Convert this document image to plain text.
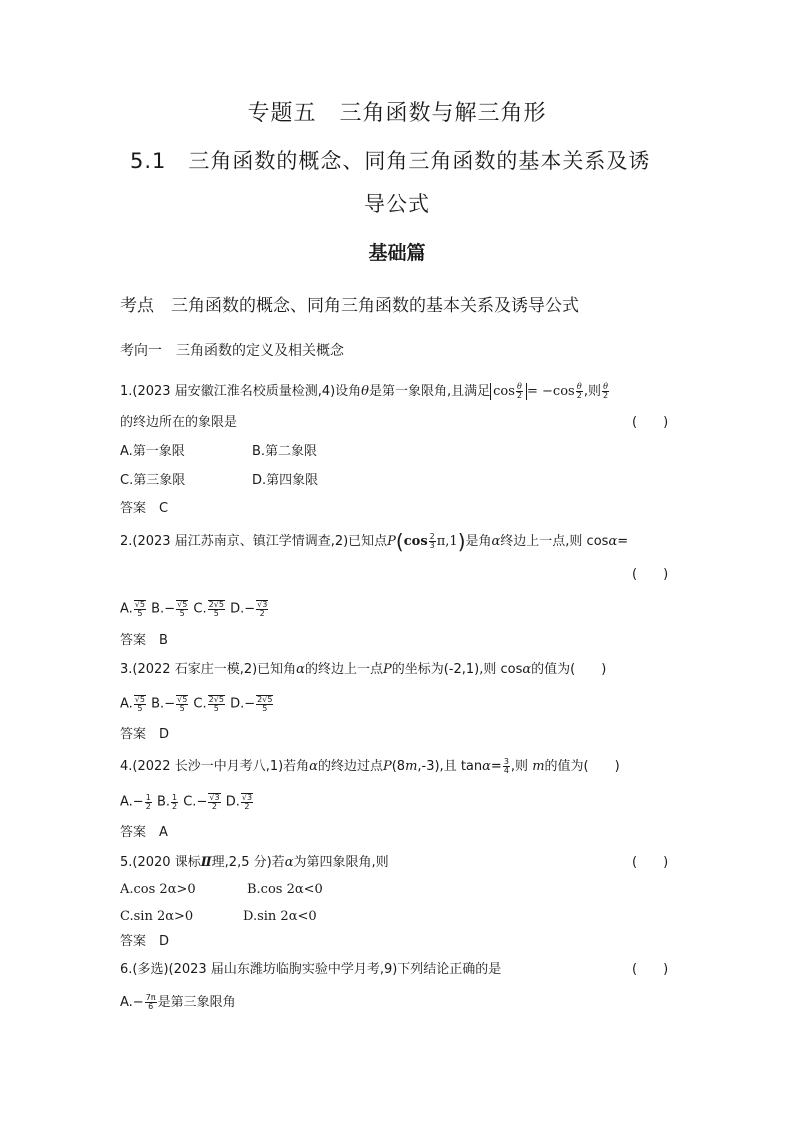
专题五　三角函数与解三角形
5.1　三角函数的概念、同角三角函数的基本关系及诱
导公式
基础篇
考点　三角函数的概念、同角三角函数的基本关系及诱导公式
考向一　三角函数的定义及相关概念
1.(2023 届安徽江淮名校质量检测,4)设角θ是第一象限角,且满足 $\cos \frac{\theta}{2} = -\cos \frac{\theta}{2}$ ,则 $\frac{\theta}{2}$
的终边所在的象限是	(　　)
A.第一象限	B.第二象限
C.第三象限	D.第四象限
答案　 C
2.(2023 届江苏南京、镇江学情调查,2)已知点$P(\cos \frac{2}{3} \pi,1)$是角α终边上一点,则 cosα=
(　　)
A. $\frac{√5}{5} B.- \frac{√5}{5} C$. $\frac{2√5}{5} D.- \frac{√3}{2}$
答案　 B
3.(2022 石家庄一模,2)已知角α的终边上一点P的坐标为(-2,1),则 cosα的值为(　　)
A. $\frac{√5}{5} B.- \frac{√5}{5} C$. $\frac{2√5}{5} D.- \frac{2√5}{5}$
答案　 D
4.(2022 长沙一中月考八,1)若角α的终边过点P(8m,-3),且 $\tan\alpha= \frac{3}{4}$ ,则 m的值为(　　)
$A.- \frac{1}{2} B$. $\frac{1}{2} C.- \frac{√3}{2} D$. $\frac{√3}{2}$
答案　 A
5.(2020 课标Ⅱ理,2,5 分)若α为第四象限角,则	(　　)
A.cos 2α>0	B.cos 2α<0
C.sin 2α>0	D.sin 2α<0
答案　 D
6.(多选)(2023 届山东潍坊临朐实验中学月考,9)下列结论正确的是	(　　)
$A.- \frac{7\pi}{6}$ 是第三象限角
